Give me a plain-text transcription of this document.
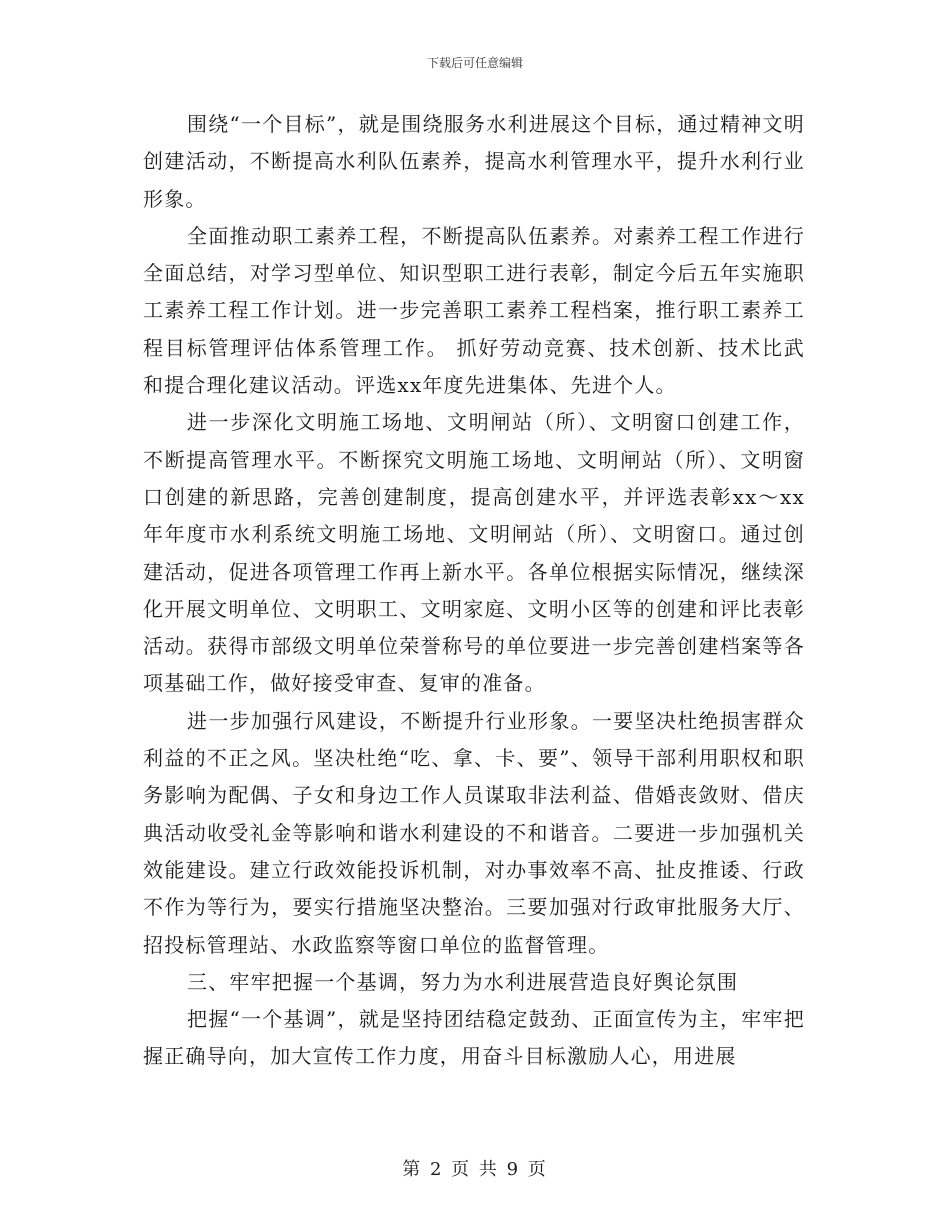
下载后可任意编辑

围绕“一个目标”，就是围绕服务水利进展这个目标，通过精神文明创建活动，不断提高水利队伍素养，提高水利管理水平，提升水利行业形象。

全面推动职工素养工程，不断提高队伍素养。对素养工程工作进行全面总结，对学习型单位、知识型职工进行表彰，制定今后五年实施职工素养工程工作计划。进一步完善职工素养工程档案，推行职工素养工程目标管理评估体系管理工作。 抓好劳动竞赛、技术创新、技术比武和提合理化建议活动。评选xx年度先进集体、先进个人。

进一步深化文明施工场地、文明闸站（所）、文明窗口创建工作，不断提高管理水平。不断探究文明施工场地、文明闸站（所）、文明窗口创建的新思路，完善创建制度，提高创建水平，并评选表彰xx～xx年年度市水利系统文明施工场地、文明闸站（所）、文明窗口。通过创建活动，促进各项管理工作再上新水平。各单位根据实际情况，继续深化开展文明单位、文明职工、文明家庭、文明小区等的创建和评比表彰活动。获得市部级文明单位荣誉称号的单位要进一步完善创建档案等各项基础工作，做好接受审查、复审的准备。

进一步加强行风建设，不断提升行业形象。一要坚决杜绝损害群众利益的不正之风。坚决杜绝“吃、拿、卡、要”、领导干部利用职权和职务影响为配偶、子女和身边工作人员谋取非法利益、借婚丧敛财、借庆典活动收受礼金等影响和谐水利建设的不和谐音。二要进一步加强机关效能建设。建立行政效能投诉机制，对办事效率不高、扯皮推诿、行政不作为等行为，要实行措施坚决整治。三要加强对行政审批服务大厅、招投标管理站、水政监察等窗口单位的监督管理。

三、牢牢把握一个基调，努力为水利进展营造良好舆论氛围

把握“一个基调”，就是坚持团结稳定鼓劲、正面宣传为主，牢牢把握正确导向，加大宣传工作力度，用奋斗目标激励人心，用进展

第 2 页 共 9 页
